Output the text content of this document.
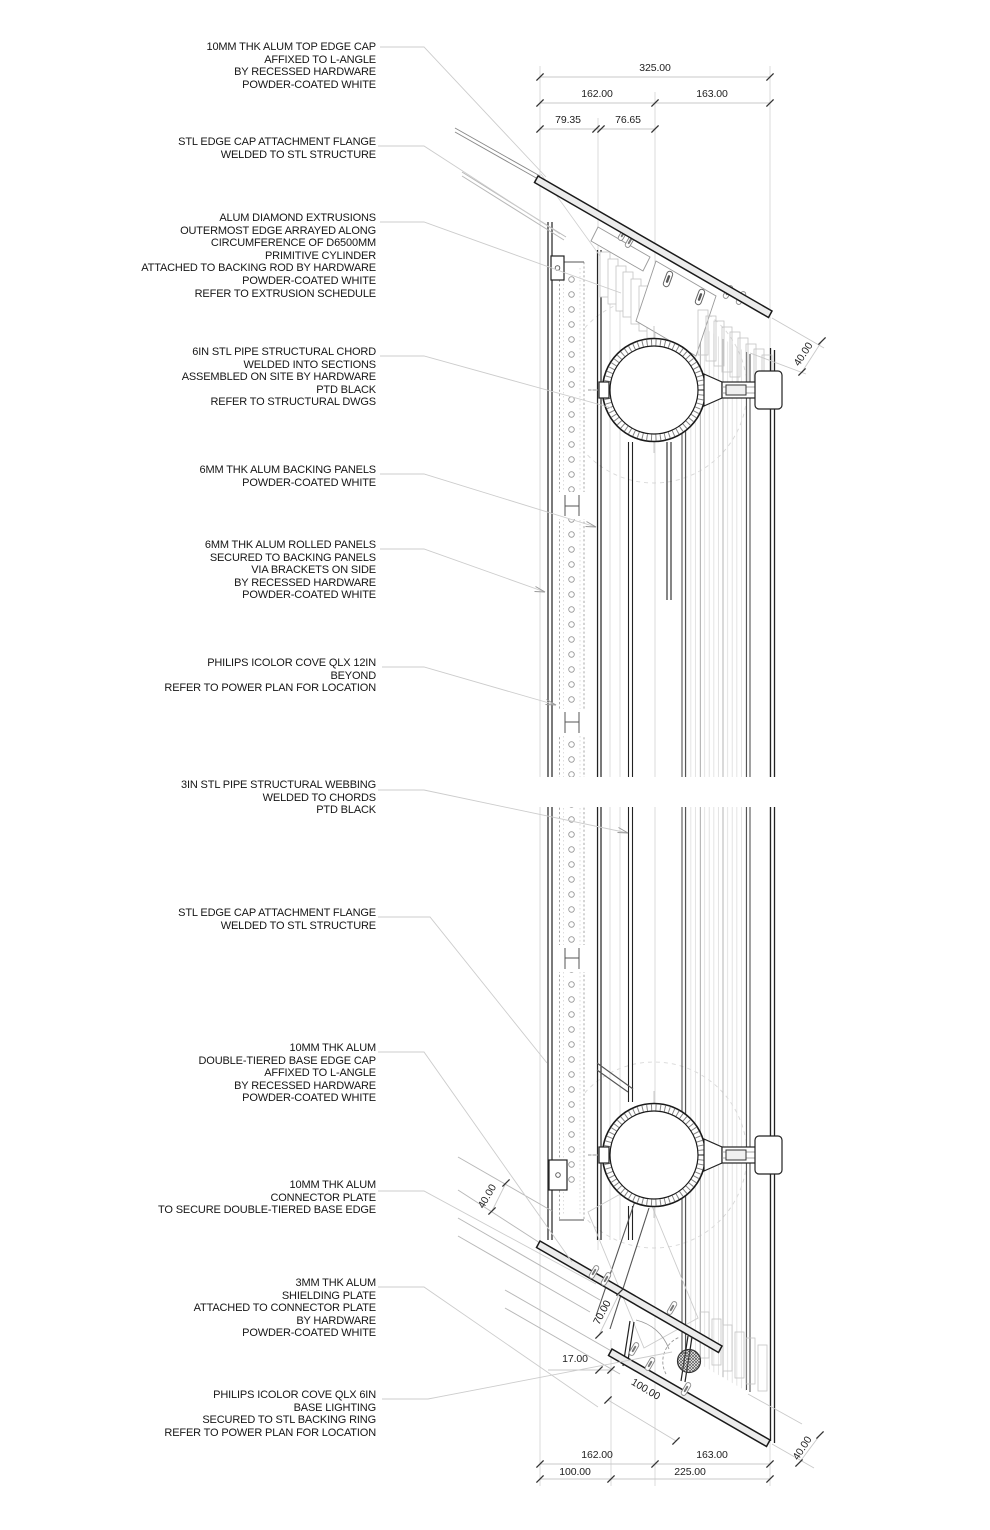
325.00
162.00	163.00
79.35	76.65
162.00	163.00
100.00	225.00
40.00
40.00
40.00
70.00
100.00
17.00
10MM THK ALUM TOP EDGE CAP
AFFIXED TO L-ANGLE
BY RECESSED HARDWARE
POWDER-COATED WHITE
STL EDGE CAP ATTACHMENT FLANGE
WELDED TO STL STRUCTURE
ALUM DIAMOND EXTRUSIONS
OUTERMOST EDGE ARRAYED ALONG
CIRCUMFERENCE OF D6500MM
PRIMITIVE CYLINDER
ATTACHED TO BACKING ROD BY HARDWARE
POWDER-COATED WHITE
REFER TO EXTRUSION SCHEDULE
6IN STL PIPE STRUCTURAL CHORD
WELDED INTO SECTIONS
ASSEMBLED ON SITE BY HARDWARE
PTD BLACK
REFER TO STRUCTURAL DWGS
6MM THK ALUM BACKING PANELS
POWDER-COATED WHITE
6MM THK ALUM ROLLED PANELS
SECURED TO BACKING PANELS
VIA BRACKETS ON SIDE
BY RECESSED HARDWARE
POWDER-COATED WHITE
PHILIPS ICOLOR COVE QLX 12IN
BEYOND
REFER TO POWER PLAN FOR LOCATION
3IN STL PIPE STRUCTURAL WEBBING
WELDED TO CHORDS
PTD BLACK
STL EDGE CAP ATTACHMENT FLANGE
WELDED TO STL STRUCTURE
10MM THK ALUM
DOUBLE-TIERED BASE EDGE CAP
AFFIXED TO L-ANGLE
BY RECESSED HARDWARE
POWDER-COATED WHITE
10MM THK ALUM
CONNECTOR PLATE
TO SECURE DOUBLE-TIERED BASE EDGE
3MM THK ALUM
SHIELDING PLATE
ATTACHED TO CONNECTOR PLATE
BY HARDWARE
POWDER-COATED WHITE
PHILIPS ICOLOR COVE QLX 6IN
BASE LIGHTING
SECURED TO STL BACKING RING
REFER TO POWER PLAN FOR LOCATION
